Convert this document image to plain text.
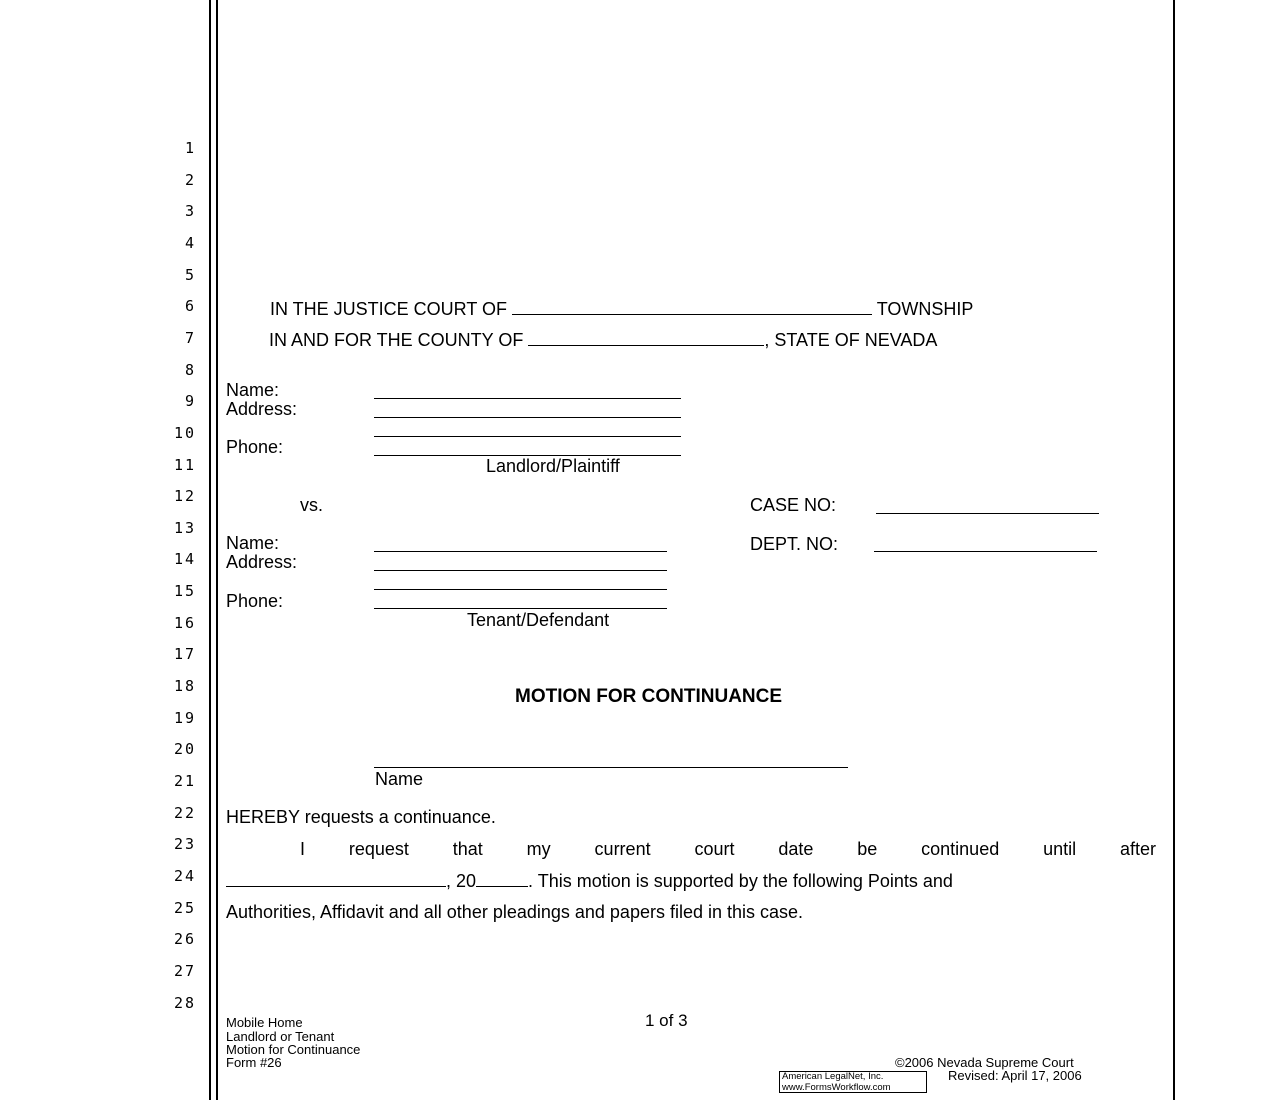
1
2
3
4
5
6
7
8
9
10
11
12
13
14
15
16
17
18
19
20
21
22
23
24
25
26
27
28
IN THE JUSTICE COURT OF	TOWNSHIP
IN AND FOR THE COUNTY OF	, STATE OF NEVADA
Name:
Address:
Phone:
Landlord/Plaintiff
vs.	CASE NO:
DEPT. NO:
Name:
Address:
Phone:
Tenant/Defendant
MOTION FOR CONTINUANCE
Name
HEREBY requests a continuance.
I request that my current court date be continued until after
, 20	. This motion is supported by the following Points and
Authorities, Affidavit and all other pleadings and papers filed in this case.
Mobile Home
Landlord or Tenant
Motion for Continuance
Form #26
1 of 3
©2006 Nevada Supreme Court
Revised: April 17, 2006
American LegalNet, Inc.
www.FormsWorkflow.com
